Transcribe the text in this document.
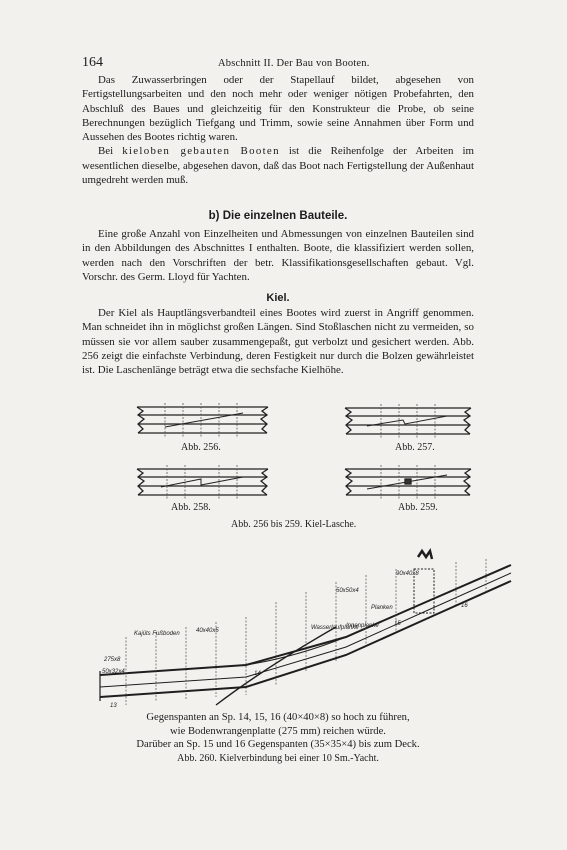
164	Abschnitt II. Der Bau von Booten.

Das Zuwasserbringen oder der Stapellauf bildet, abgesehen von Fertigstellungsarbeiten und den noch mehr oder weniger nötigen Probefahrten, den Abschluß des Baues und gleichzeitig für den Konstrukteur die Probe, ob seine Berechnungen bezüglich Tiefgang und Trimm, sowie seine Annahmen über Form und Aussehen des Bootes richtig waren.

Bei kieloben gebauten Booten ist die Reihenfolge der Arbeiten im wesentlichen dieselbe, abgesehen davon, daß das Boot nach Fertigstellung der Außenhaut umgedreht werden muß.

b) Die einzelnen Bauteile.

Eine große Anzahl von Einzelheiten und Abmessungen von einzelnen Bauteilen sind in den Abbildungen des Abschnittes I enthalten. Boote, die klassifiziert werden sollen, werden nach den Vorschriften der betr. Klassifikationsgesellschaften gebaut. Vgl. Vorschr. des Germ. Lloyd für Yachten.

Kiel.

Der Kiel als Hauptlängsverbandteil eines Bootes wird zuerst in Angriff genommen. Man schneidet ihn in möglichst großen Längen. Sind Stoßlaschen nicht zu vermeiden, so müssen sie vor allem sauber zusammengepaßt, gut verbolzt und gesichert werden. Abb. 256 zeigt die einfachste Verbindung, deren Festigkeit nur durch die Bolzen gewährleistet ist. Die Laschenlänge beträgt etwa die sechsfache Kielhöhe.

Abb. 256.	Abb. 257.
Abb. 258.	Abb. 259.
Abb. 256 bis 259. Kiel-Lasche.
Kajüts Fußboden
Wasserlaufplanke
Innenplanke
Planken
90x40x8
50x50x4
40x40x5
275x8
50x32x4
13
14
15
16
Gegenspanten an Sp. 14, 15, 16 (40×40×8) so hoch zu führen,
wie Bodenwrangenplatte (275 mm) reichen würde.
Darüber an Sp. 15 und 16 Gegenspanten (35×35×4) bis zum Deck.
Abb. 260. Kielverbindung bei einer 10 Sm.-Yacht.
